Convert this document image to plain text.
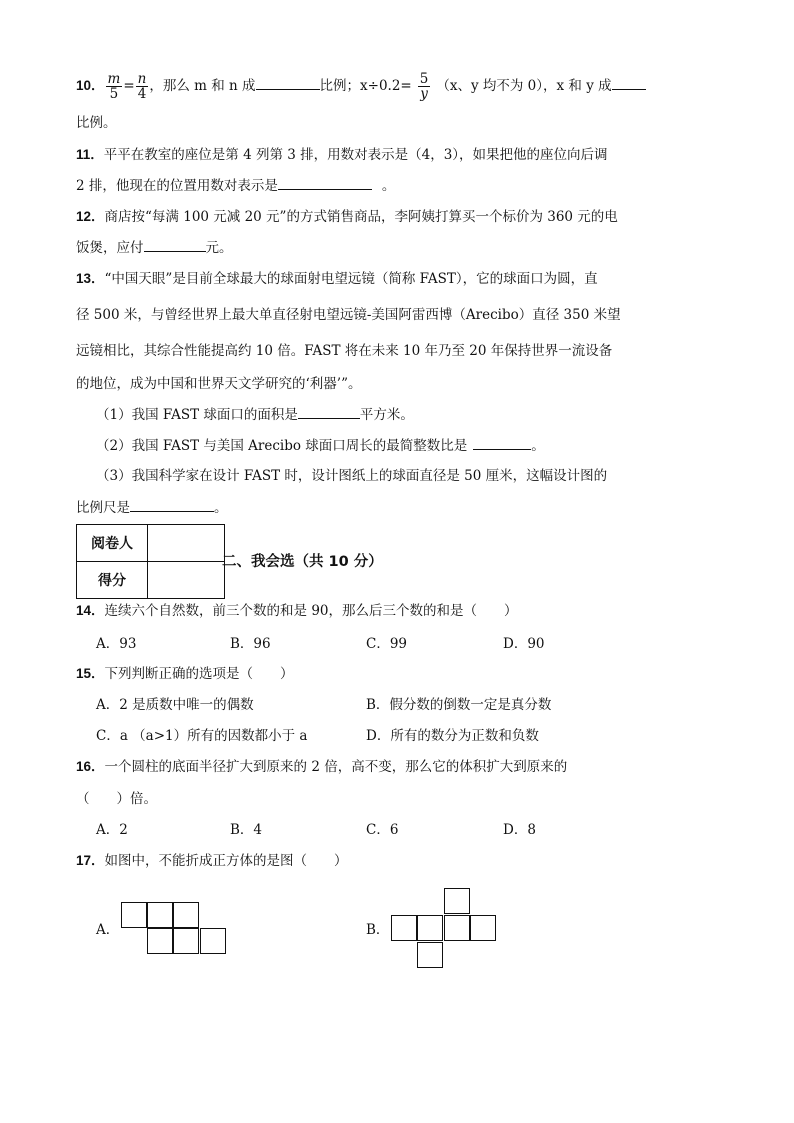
10． $\frac{m}{5} = \frac{n}{4}$ ，那么 m 和 n 成	比例；$x\div 0.2= \frac{5}{y} (x$、y 均不为 0），x 和 y 成
比例。
11．平平在教室的座位是第 4 列第 3 排，用数对表示是（4，3），如果把他的座位向后调
2 排，他现在的位置用数对表示是	。
12．商店按“每满 100 元减 20 元”的方式销售商品，李阿姨打算买一个标价为 360 元的电
饭煲，应付	元。
13．“中国天眼”是目前全球最大的球面射电望远镜（简称 FAST），它的球面口为圆，直
径 500 米，与曾经世界上最大单直径射电望远镜-美国阿雷西博（Arecibo）直径 350 米望
远镜相比，其综合性能提高约 10 倍。FAST 将在未来 10 年乃至 20 年保持世界一流设备
的地位，成为中国和世界天文学研究的‘利器’”。
（1）我国 FAST 球面口的面积是	平方米。
（2）我国 FAST 与美国 Arecibo 球面口周长的最简整数比是	。
（3）我国科学家在设计 FAST 时，设计图纸上的球面直径是 50 厘米，这幅设计图的
比例尺是	。
阅卷人	
得分	
二、我会选（共 10 分）
14．连续六个自然数，前三个数的和是 90，那么后三个数的和是（　　）
A．93	B．96	C．99	D．90
15．下列判断正确的选项是（　　）
A．2 是质数中唯一的偶数	B．假分数的倒数一定是真分数
C．a （a>1）所有的因数都小于 a	D．所有的数分为正数和负数
16．一个圆柱的底面半径扩大到原来的 2 倍，高不变，那么它的体积扩大到原来的
（　　）倍。
A．2	B．4	C．6	D．8
17．如图中，不能折成正方体的是图（　　）
A．	B．
